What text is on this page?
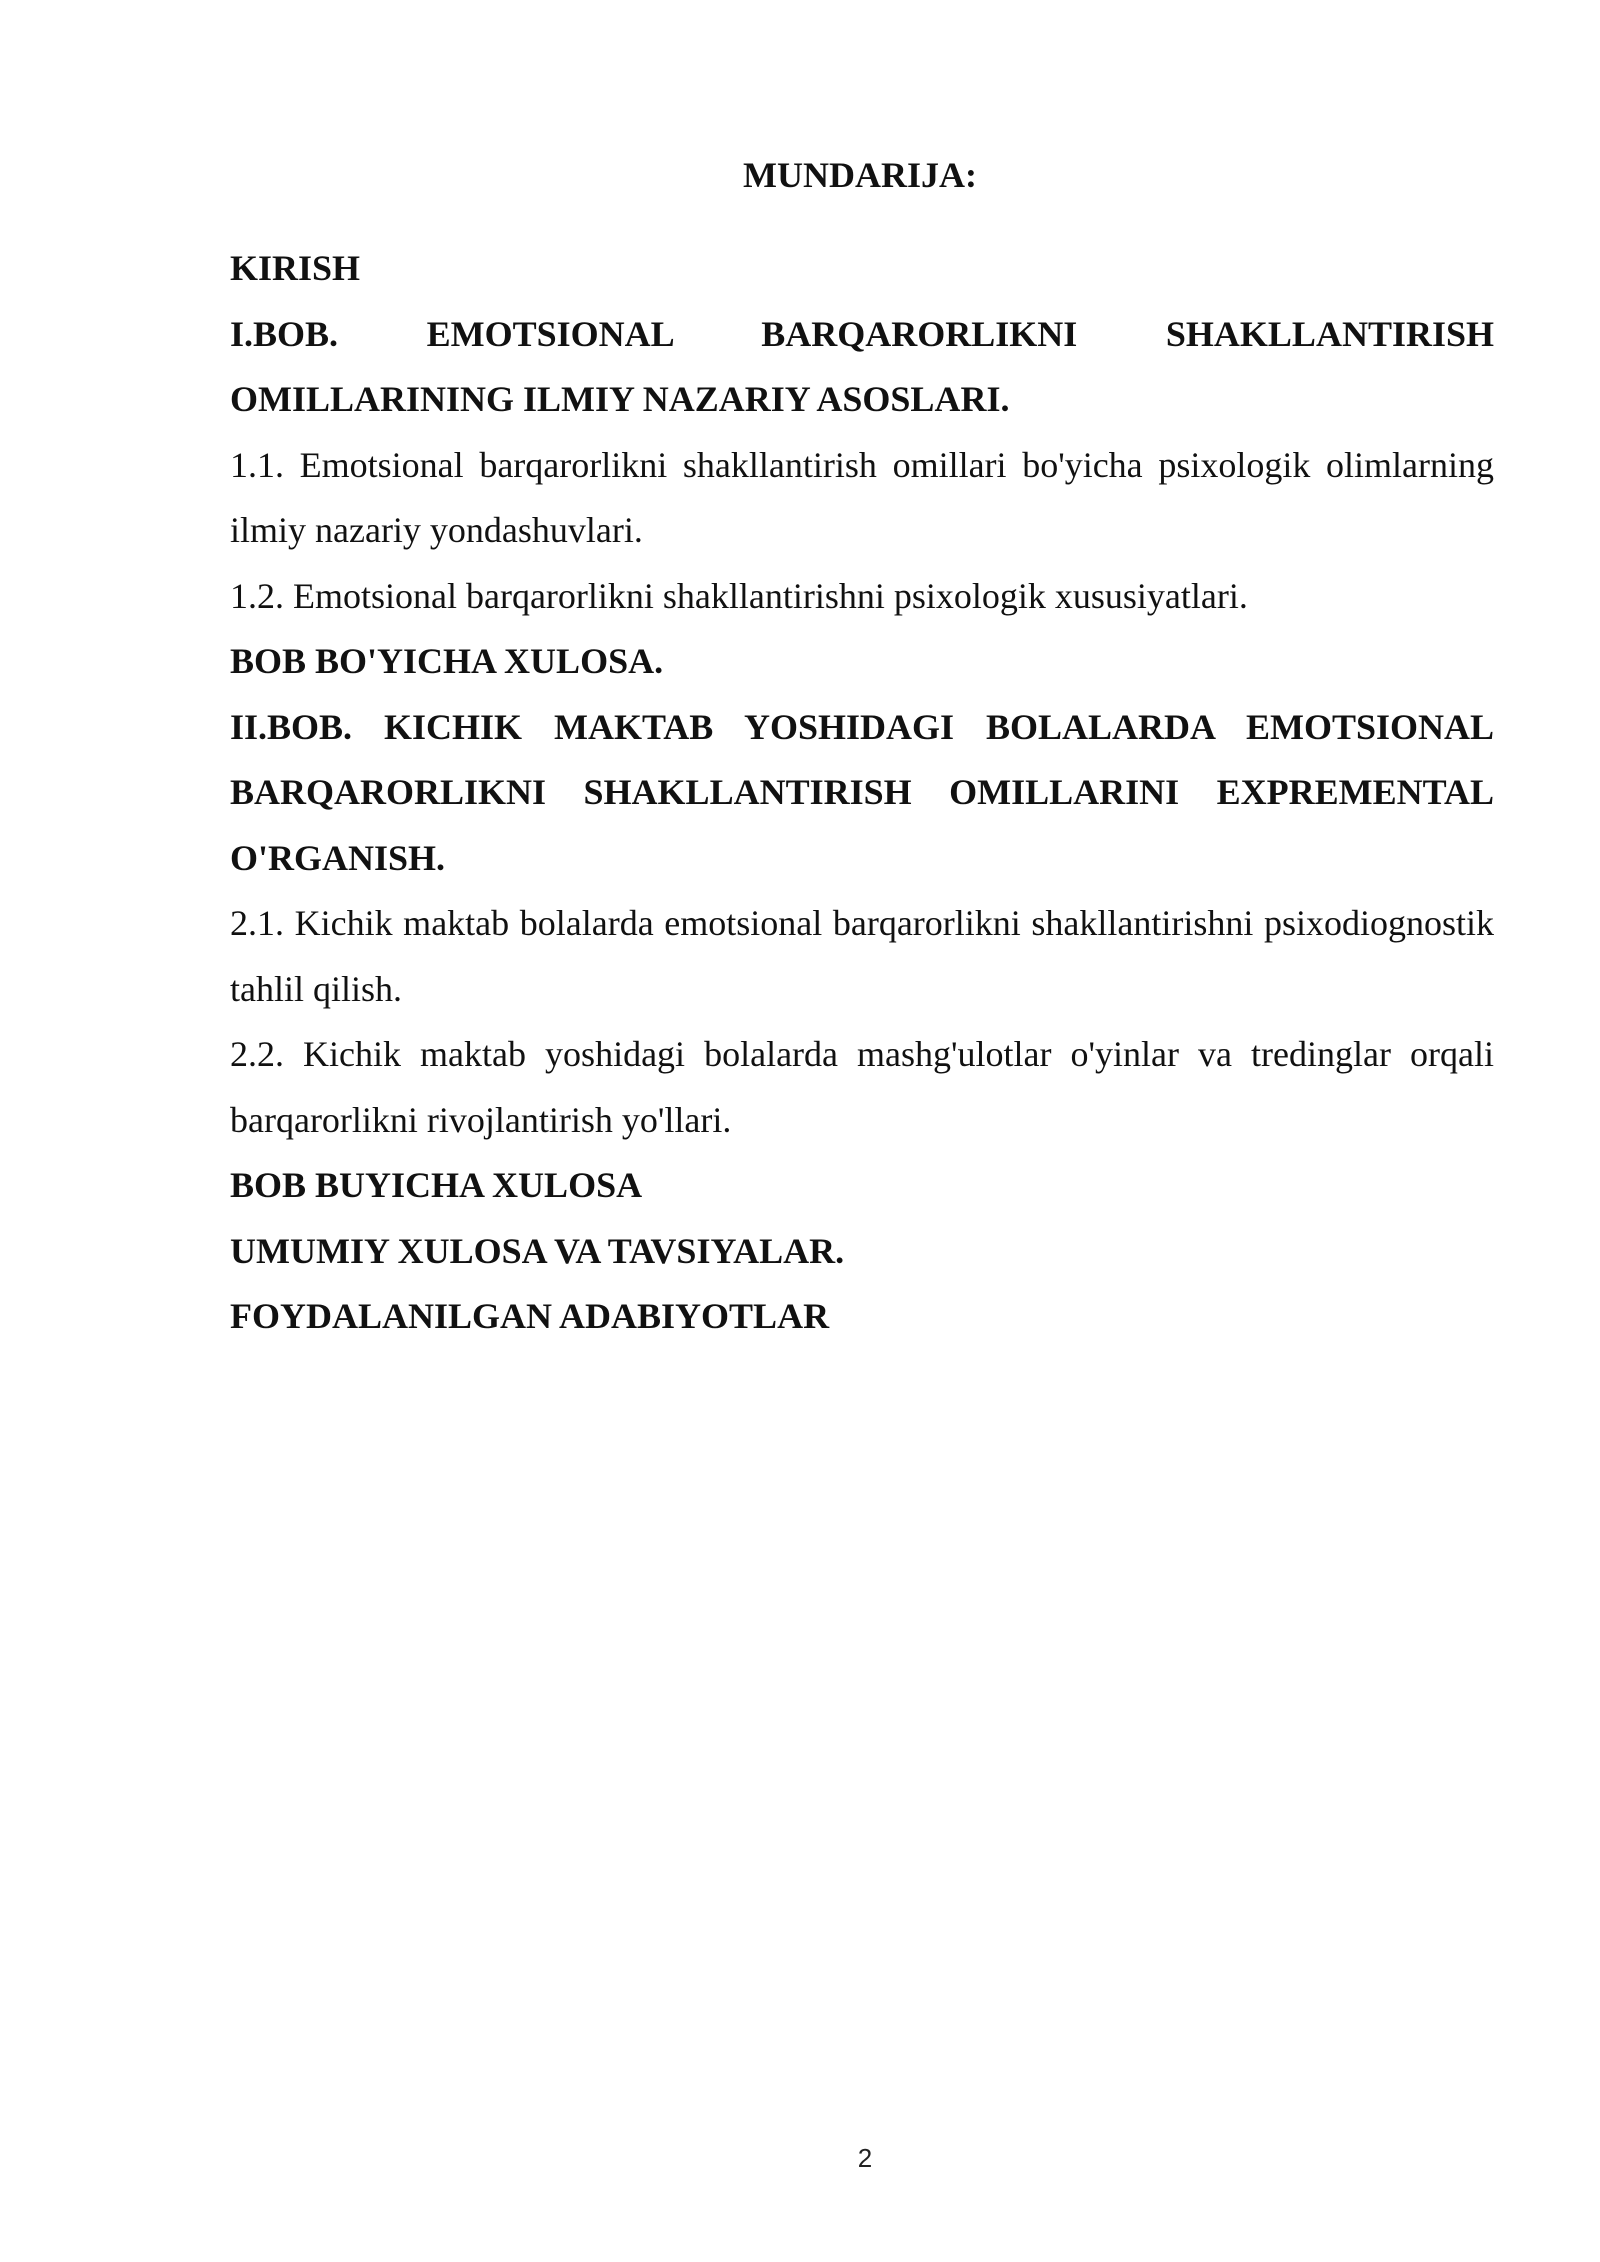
MUNDARIJA:
KIRISH
I.BOB. EMOTSIONAL BARQARORLIKNI SHAKLLANTIRISH OMILLARINING ILMIY NAZARIY ASOSLARI.
1.1. Emotsional barqarorlikni shakllantirish omillari bo'yicha psixologik olimlarning ilmiy nazariy yondashuvlari.
1.2. Emotsional barqarorlikni shakllantirishni psixologik xususiyatlari.
BOB BO'YICHA XULOSA.
II.BOB. KICHIK MAKTAB YOSHIDAGI BOLALARDA EMOTSIONAL BARQARORLIKNI SHAKLLANTIRISH OMILLARINI EXPREMENTAL O'RGANISH.
2.1. Kichik maktab bolalarda emotsional barqarorlikni shakllantirishni psixodiognostik tahlil qilish.
2.2. Kichik maktab yoshidagi bolalarda mashg'ulotlar o'yinlar va tredinglar orqali barqarorlikni rivojlantirish yo'llari.
BOB BUYICHA XULOSA
UMUMIY XULOSA VA TAVSIYALAR.
FOYDALANILGAN ADABIYOTLAR
2
